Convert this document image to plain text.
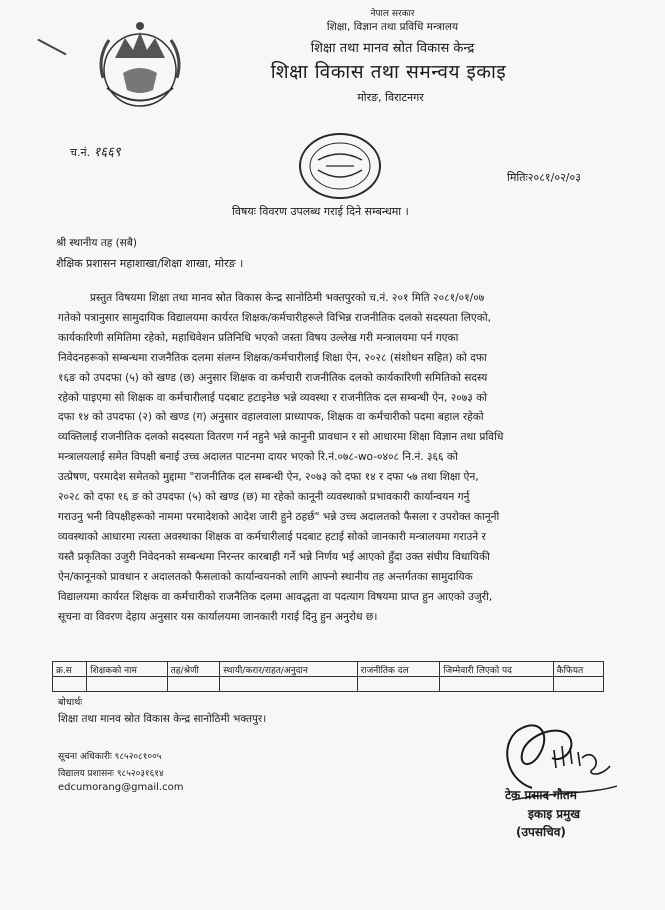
नेपाल सरकार
शिक्षा, विज्ञान तथा प्रविधि मन्त्रालय
शिक्षा तथा मानव स्रोत विकास केन्द्र
शिक्षा विकास तथा समन्वय इकाइ
मोरङ, विराटनगर
च.नं. १६६९
मितिः२०८१/०२/०३
विषयः विवरण उपलब्ध गराई दिने सम्बन्धमा ।
श्री स्थानीय तह (सबै)
शैक्षिक प्रशासन महाशाखा/शिक्षा शाखा, मोरङ ।
प्रस्तुत विषयमा शिक्षा तथा मानव स्रोत विकास केन्द्र सानोठिमी भक्तपुरको च.नं. २०१ मिति २०८१/०१/०७
गतेको पत्रानुसार सामुदायिक विद्यालयमा कार्यरत शिक्षक/कर्मचारीहरूले विभिन्न राजनीतिक दलको सदस्यता लिएको,
कार्यकारिणी समितिमा रहेको, महाधिवेशन प्रतिनिधि भएको जस्ता विषय उल्लेख गरी मन्त्रालयमा पर्न गएका
निवेदनहरूको सम्बन्धमा राजनैतिक दलमा संलग्न शिक्षक/कर्मचारीलाई शिक्षा ऐन, २०२८ (संशोधन सहित) को दफा
१६ङ को उपदफा (५) को खण्ड (छ) अनुसार शिक्षक वा कर्मचारी राजनीतिक दलको कार्यकारिणी समितिको सदस्य
रहेको पाइएमा सो शिक्षक वा कर्मचारीलाई पदबाट हटाइनेछ भन्ने व्यवस्था र राजनीतिक दल सम्बन्धी ऐन, २०७३ को
दफा १४ को उपदफा (२) को खण्ड (ग) अनुसार वहालवाला प्राध्यापक, शिक्षक वा कर्मचारीको पदमा बहाल रहेको
व्यक्तिलाई राजनीतिक दलको सदस्यता वितरण गर्न नहुने भन्ने कानुनी प्रावधान र सो आधारमा शिक्षा विज्ञान तथा प्रविधि
मन्त्रालयलाई समेत विपक्षी बनाई उच्च अदालत पाटनमा दायर भएको रि.नं.०७८-wo-०४०८ नि.नं. ३६६ को
उत्प्रेषण, परमादेश समेतको मुद्दामा "राजनीतिक दल सम्बन्धी ऐन, २०७३ को दफा १४ र दफा ५७ तथा शिक्षा ऐन,
२०२८ को दफा १६ ङ को उपदफा (५) को खण्ड (छ) मा रहेको कानूनी व्यवस्थाको प्रभावकारी कार्यान्वयन गर्नु
गराउनु भनी विपक्षीहरूको नाममा परमादेशको आदेश जारी हुने ठहर्छ" भन्ने उच्च अदालतको फैसला र उपरोक्त कानूनी
व्यवस्थाको आधारमा त्यस्ता अवस्थाका शिक्षक वा कर्मचारीलाई पदबाट हटाई सोको जानकारी मन्त्रालयमा गराउने र
यस्तै प्रकृतिका उजुरी निवेदनको सम्बन्धमा निरन्तर कारबाही गर्ने भन्ने निर्णय भई आएको हुँदा उक्त संघीय विधायिकी
ऐन/कानूनको प्रावधान र अदालतको फैसलाको कार्यान्वयनको लागि आफ्नो स्थानीय तह अन्तर्गतका सामुदायिक
विद्यालयमा कार्यरत शिक्षक वा कर्मचारीको राजनैतिक दलमा आवद्धता वा पदत्याग विषयमा प्राप्त हुन आएको उजुरी,
सूचना वा विवरण देहाय अनुसार यस कार्यालयमा जानकारी गराई दिनु हुन अनुरोध छ।
क्र.स	शिक्षकको नाम	तह/श्रेणी	स्थायी/करार/राहत/अनुदान	राजनीतिक दल	जिम्मेवारी लिएको पद	कैफियत

बोधार्थः
शिक्षा तथा मानव स्रोत विकास केन्द्र सानोठिमी भक्तपुर।
सूचना अधिकारीः ९८५२०८१००५
विद्यालय प्रशासनः ९८५२०३१६१४
edcumorang@gmail.com
टेक प्रसाद गौतम
इकाइ प्रमुख
(उपसचिव)
